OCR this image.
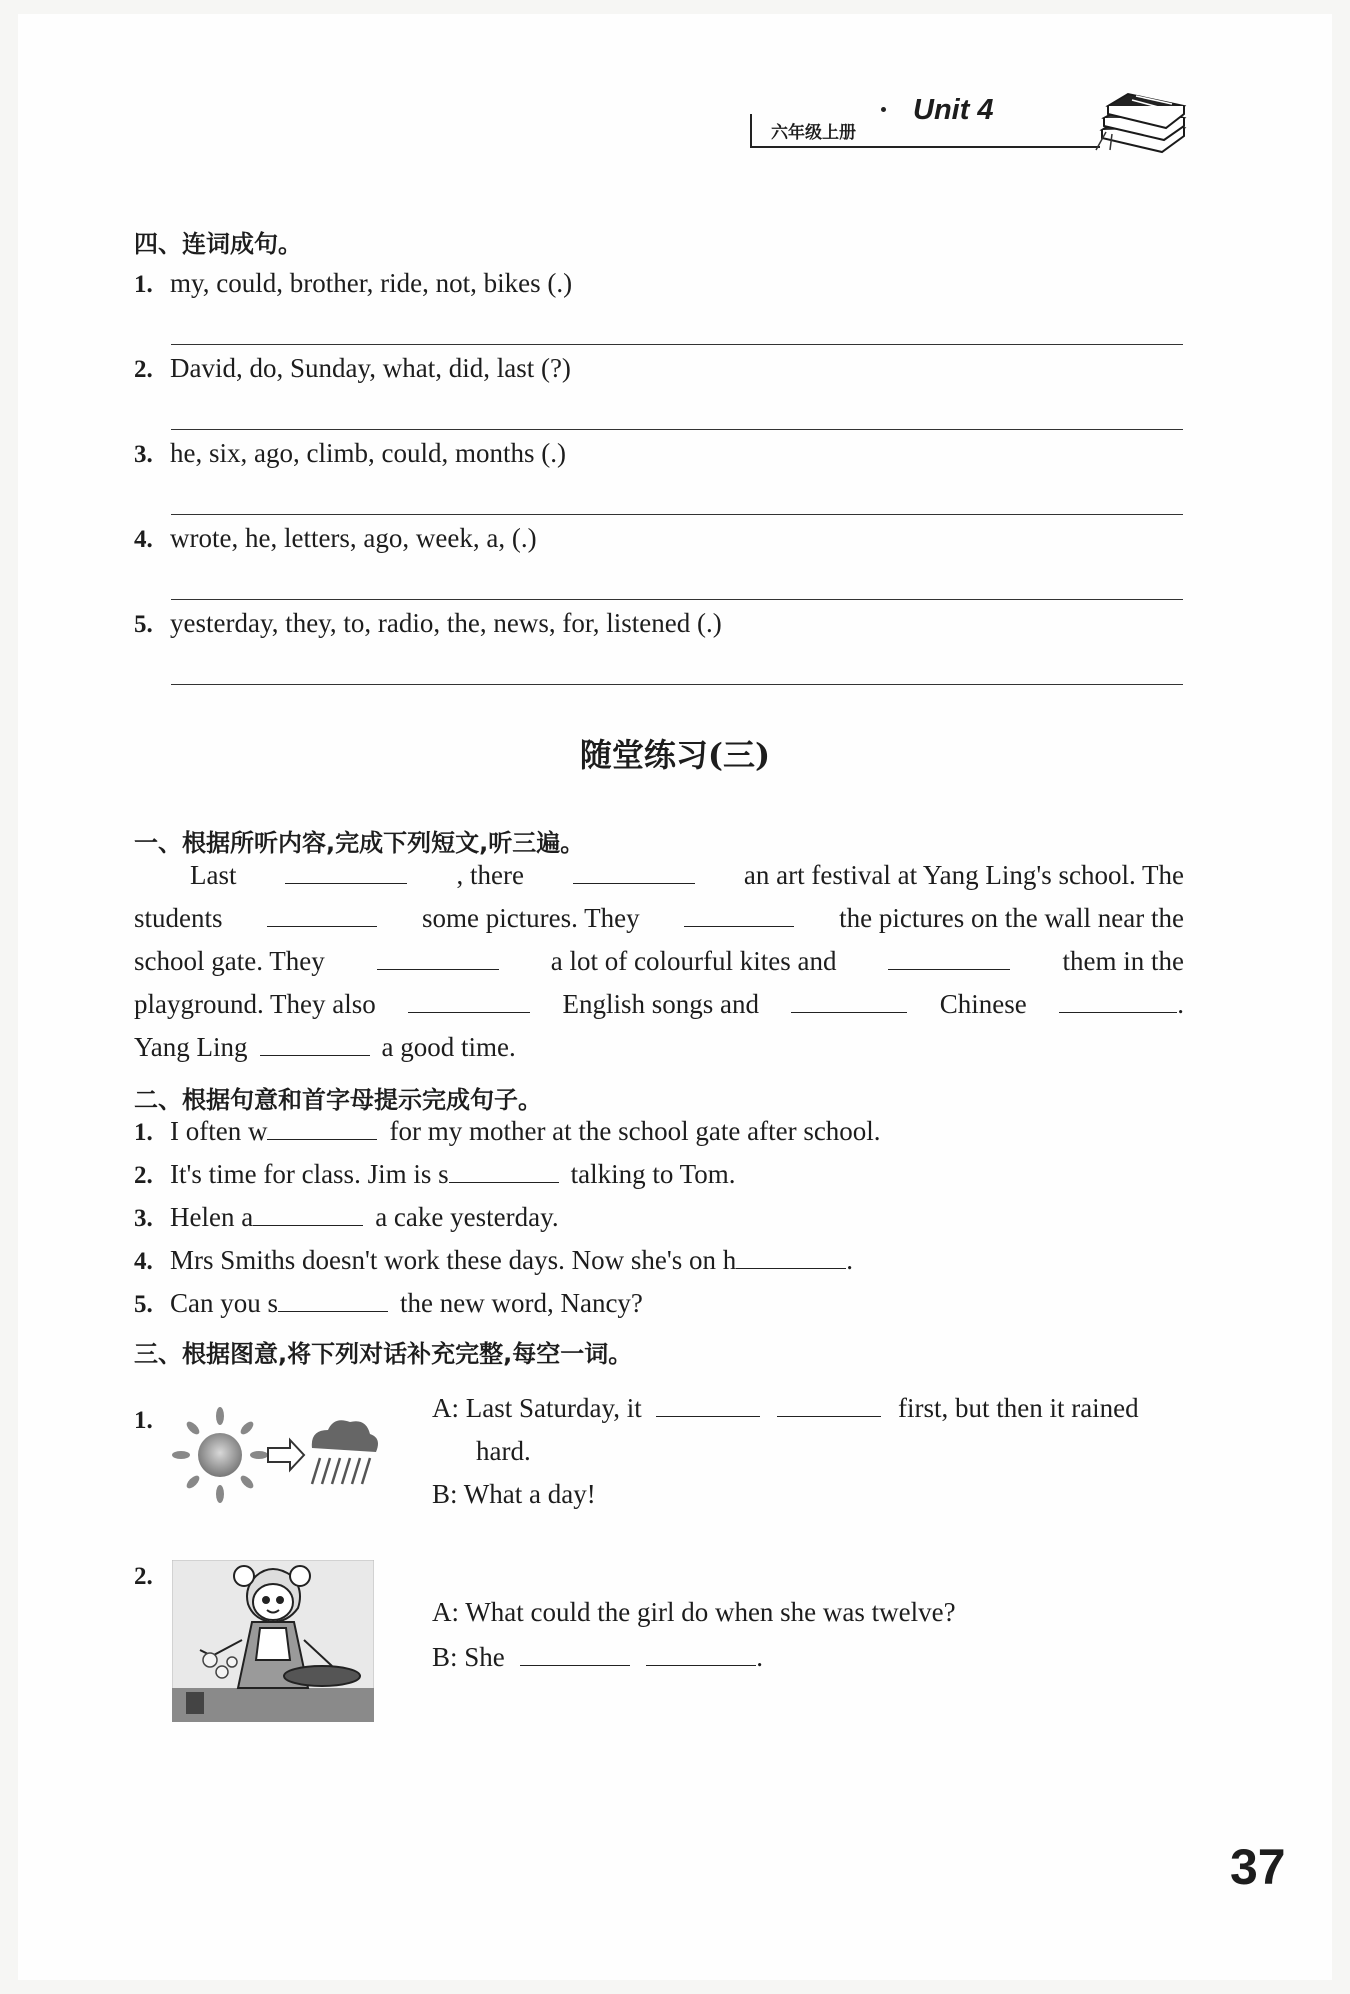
六年级上册
Unit 4
四、连词成句。
1. my, could, brother, ride, not, bikes (.)
2. David, do, Sunday, what, did, last (?)
3. he, six, ago, climb, could, months (.)
4. wrote, he, letters, ago, week, a, (.)
5. yesterday, they, to, radio, the, news, for, listened (.)
随堂练习(三)
一、根据所听内容,完成下列短文,听三遍。
Last	, there	an art festival at Yang Ling's school. The
students	some pictures. They	the pictures on the wall near the
school gate. They	a lot of colourful kites and	them in the
playground. They also	English songs and	Chinese	.
Yang Ling	a good time.
二、根据句意和首字母提示完成句子。
1. I often w	for my mother at the school gate after school.
2. It's time for class. Jim is s	talking to Tom.
3. Helen a	a cake yesterday.
4. Mrs Smiths doesn't work these days. Now she's on h	.
5. Can you s	the new word, Nancy?
三、根据图意,将下列对话补充完整,每空一词。
1.	A: Last Saturday, it	first, but then it rained
hard.
B: What a day!
2.
A: What could the girl do when she was twelve?
B: She	.
37
